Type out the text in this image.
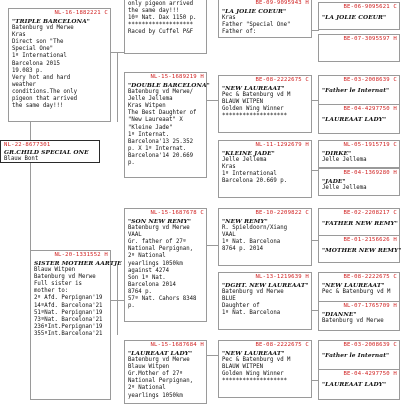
NL-16-1882221 C
"TRIPLE BARCELONA"
Batenburg vd Merwe
Kras
Direct son "The
Special One"
1º International
Barcelona 2015
19.083 p.
Very hot and hard
weather
conditions.The only
pigeon that arrived
the same day!!!
NL-22-8677301
GR.CHILD SPECIAL ONE
Blauw Bont
NL-20-1331552 H
SISTER MOTHER AARTJE
Blauw Witpen
Batenburg vd Merwe
Full sister is
mother to:
2º Afd. Perpignan'19
14ºAfd. Barcelona'21
51ºNat. Perpignan'19
73ºNat. Barcelona'21
236ºInt.Perpignan'19
355ºInt.Barcelona'21
only pigeon arrived
the same day!!!
10º Nat. Dax 1150 p.
*******************
Raced by Cuffel P&F
NL-15-1689219 H
"DOUBLE BARCELONA"
Batenburg vd Merwe/
Jelle Jellema
Kras Witpen
The Best Daughter of
"New Laureaat" X
"Kleine Jade"
1º Internat.
Barcelona'13 25.352
p. X 1º Internat.
Barcelona'14 20.669
p.
NL-15-1687678 C
"SON NEW REMY"
Batenburg vd Merwe
VAAL
Gr. father of 27º
National Perpignan,
2º National
yearlings 1050km
against 4274
Son 1º Nat.
Barcelona 2014
8764 p.
57º Nat. Cahors 8348
p.
NL-15-1687684 H
"LAUREAAT LADY"
Batenburg vd Merwe
Blauw Witpen
Gr.Mother of 27º
National Perpignan,
2º National
yearlings 1050km
BE-09-9095943 H
"LA JOLIE COEUR"
Kras
Father "Special One"
Father of:
BE-08-2222675 C
"NEW LAUREAAT"
Pec & Batenburg vd M
BLAUW WITPEN
Golden Wing Winner
*******************
NL-11-1292679 H
"KLEINE JADE"
Jelle Jellema
Kras
1º International
Barcelona 20.669 p.
BE-10-2209822 C
"NEW REMY"
R. Spieldoorn/Xiang
VAAL
1º Nat. Barcelona
8764 p. 2014
NL-13-1219639 H
"DGHT. NEW LAUREAAT"
Batenburg vd Merwe
BLUE
Daughter of
1º Nat. Barcelona
BE-08-2222675 C
"NEW LAUREAAT"
Pec & Batenburg vd M
BLAUW WITPEN
Golden Wing Winner
*******************
BE-06-9095621 C
"LA JOLIE COEUR"
BE-07-3095597 H
BE-03-2008639 C
"Father le Internat"
BE-04-4297750 H
"LAUREAAT LADY"
NL-05-1915719 C
"DIRKE"
Jelle Jellema
BE-04-1369280 H
"JADE"
Jelle Jellema
BE-02-2208217 C
"FATHER NEW REMY"
BE-01-2156626 H
"MOTHER NEW REMY"
BE-08-2222675 C
"NEW LAUREAAT"
Pec & Batenburg vd M
NL-07-1765709 H
"DIANNE"
Batenburg vd Merwe
BE-03-2008639 C
"Father le Internat"
BE-04-4297750 H
"LAUREAAT LADY"
